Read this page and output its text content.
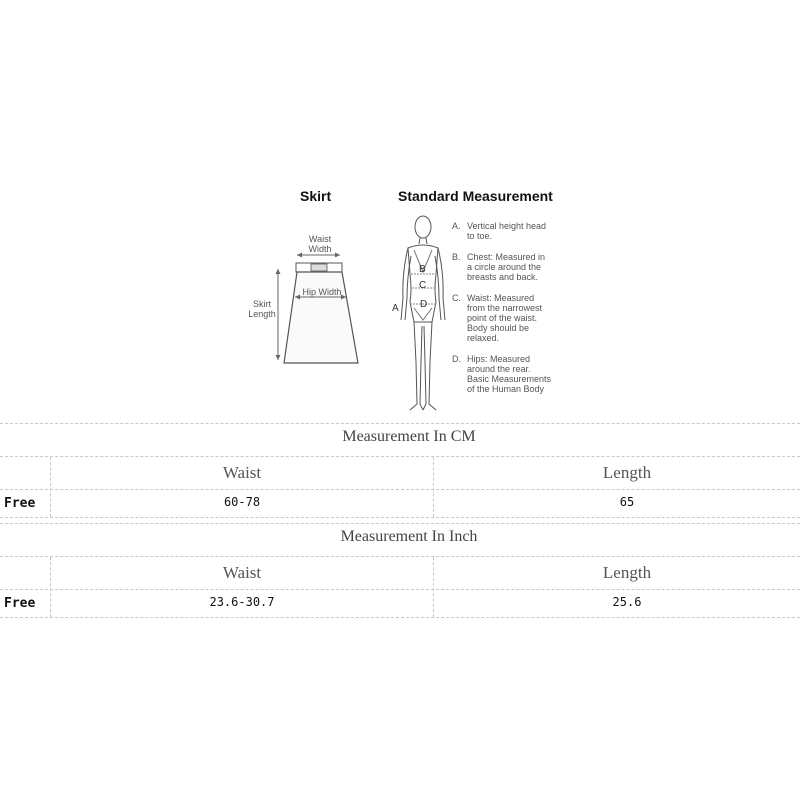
Skirt	Standard Measurement
Waist
Width
Hip Width
Skirt
Length	A
B
C
D
A. Vertical height head
to toe.
B. Chest: Measured in
a circle around the
breasts and back.
C. Waist: Measured
from the narrowest
point of the waist.
Body should be
relaxed.
D. Hips: Measured
around the rear.
Basic Measurements
of the Human Body
Measurement In CM
Waist	Length
Free	60-78	65
Measurement In Inch
Waist	Length
Free	23.6-30.7	25.6
